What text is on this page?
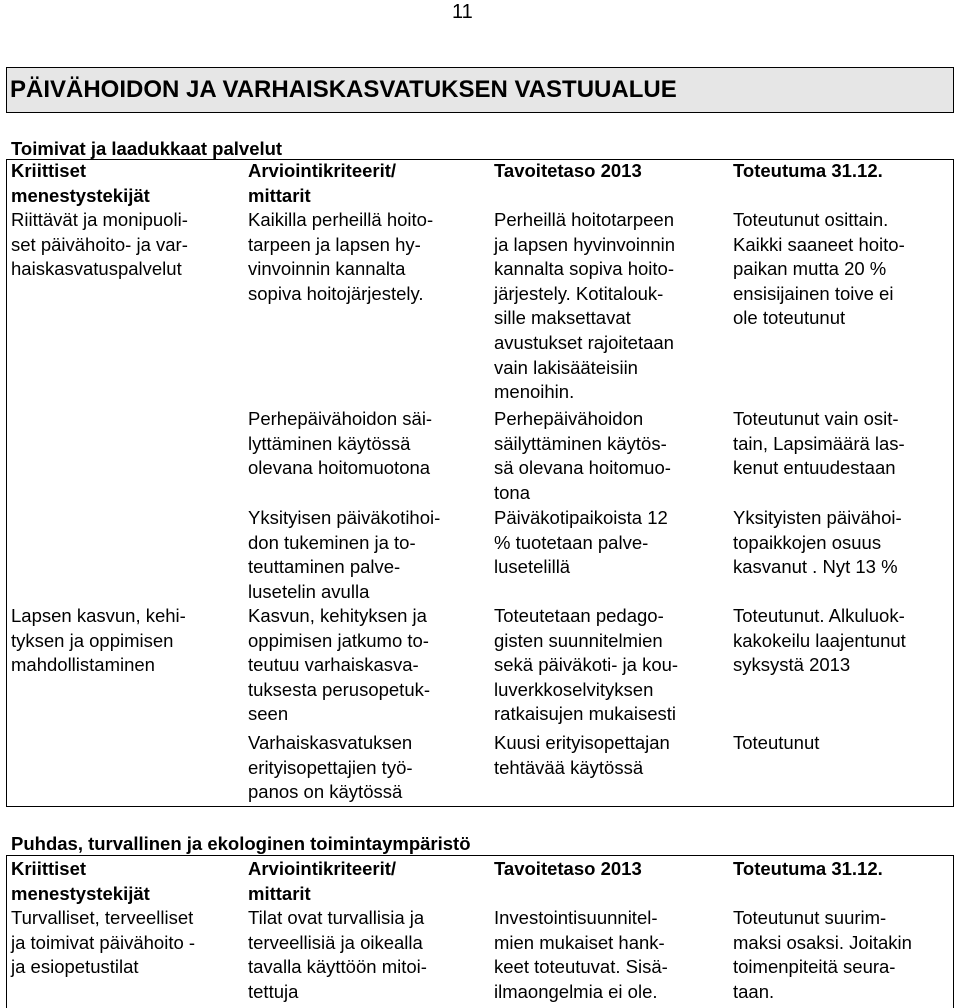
11
PÄIVÄHOIDON JA VARHAISKASVATUKSEN VASTUUALUE
Toimivat ja laadukkaat palvelut
Kriittiset
menestystekijät
Arviointikriteerit/
mittarit
Tavoitetaso 2013	Toteutuma 31.12.
Riittävät ja monipuoli-
set päivähoito- ja var-
haiskasvatuspalvelut
Lapsen kasvun, kehi-
tyksen ja oppimisen
mahdollistaminen
Kaikilla perheillä hoito-
tarpeen ja lapsen hy-
vinvoinnin kannalta
sopiva hoitojärjestely.
Perheillä hoitotarpeen
ja lapsen hyvinvoinnin
kannalta sopiva hoito-
järjestely. Kotitalouk-
sille maksettavat
avustukset rajoitetaan
vain lakisääteisiin
menoihin.
Toteutunut osittain.
Kaikki saaneet hoito-
paikan mutta 20 %
ensisijainen toive ei
ole toteutunut
Perhepäivähoidon säi-
lyttäminen käytössä
olevana hoitomuotona
Perhepäivähoidon
säilyttäminen käytös-
sä olevana hoitomuo-
tona
Toteutunut vain osit-
tain, Lapsimäärä las-
kenut entuudestaan
Yksityisen päiväkotihoi-
don tukeminen ja to-
teuttaminen palve-
lusetelin avulla
Päiväkotipaikoista 12
% tuotetaan palve-
lusetelillä
Yksityisten päivähoi-
topaikkojen osuus
kasvanut . Nyt 13 %
Kasvun, kehityksen ja
oppimisen jatkumo to-
teutuu varhaiskasva-
tuksesta perusopetuk-
seen
Toteutetaan pedago-
gisten suunnitelmien
sekä päiväkoti- ja kou-
luverkkoselvityksen
ratkaisujen mukaisesti
Toteutunut. Alkuluok-
kakokeilu laajentunut
syksystä 2013
Varhaiskasvatuksen
erityisopettajien työ-
panos on käytössä
Kuusi erityisopettajan
tehtävää käytössä
Toteutunut
Puhdas, turvallinen ja ekologinen toimintaympäristö
Kriittiset
menestystekijät
Arviointikriteerit/
mittarit
Tavoitetaso 2013	Toteutuma 31.12.
Turvalliset, terveelliset
ja toimivat päivähoito -
ja esiopetustilat
Tilat ovat turvallisia ja
terveellisiä ja oikealla
tavalla käyttöön mitoi-
tettuja
Investointisuunnitel-
mien mukaiset hank-
keet toteutuvat. Sisä-
ilmaongelmia ei ole.
Toteutunut suurim-
maksi osaksi. Joitakin
toimenpiteitä seura-
taan.
